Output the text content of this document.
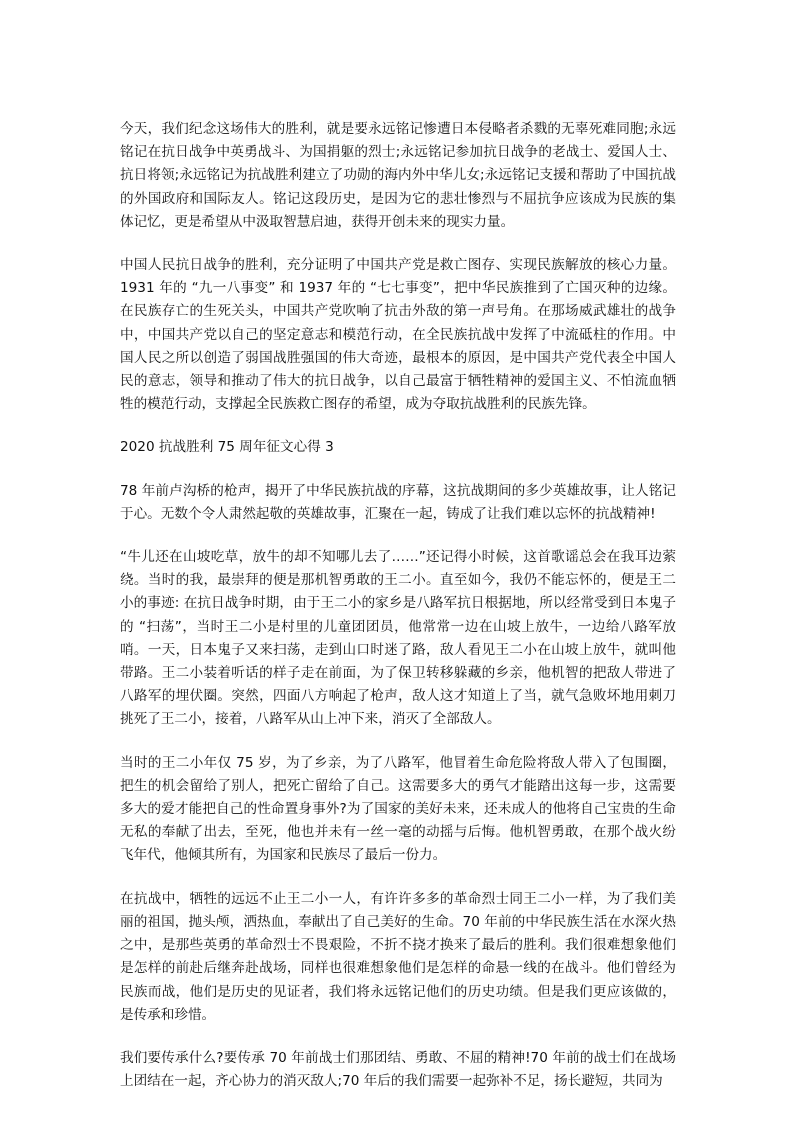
今天，我们纪念这场伟大的胜利，就是要永远铭记惨遭日本侵略者杀戮的无辜死难同胞;永远铭记在抗日战争中英勇战斗、为国捐躯的烈士;永远铭记参加抗日战争的老战士、爱国人士、抗日将领;永远铭记为抗战胜利建立了功勋的海内外中华儿女;永远铭记支援和帮助了中国抗战的外国政府和国际友人。铭记这段历史，是因为它的悲壮惨烈与不屈抗争应该成为民族的集体记忆，更是希望从中汲取智慧启迪，获得开创未来的现实力量。

中国人民抗日战争的胜利，充分证明了中国共产党是救亡图存、实现民族解放的核心力量。1931 年的 “九一八事变” 和 1937 年的 “七七事变”，把中华民族推到了亡国灭种的边缘。在民族存亡的生死关头，中国共产党吹响了抗击外敌的第一声号角。在那场威武雄壮的战争中，中国共产党以自己的坚定意志和模范行动，在全民族抗战中发挥了中流砥柱的作用。中国人民之所以创造了弱国战胜强国的伟大奇迹，最根本的原因，是中国共产党代表全中国人民的意志，领导和推动了伟大的抗日战争，以自己最富于牺牲精神的爱国主义、不怕流血牺牲的模范行动，支撑起全民族救亡图存的希望，成为夺取抗战胜利的民族先锋。

2020 抗战胜利 75 周年征文心得 3

78 年前卢沟桥的枪声，揭开了中华民族抗战的序幕，这抗战期间的多少英雄故事，让人铭记于心。无数个令人肃然起敬的英雄故事，汇聚在一起，铸成了让我们难以忘怀的抗战精神!

“牛儿还在山坡吃草，放牛的却不知哪儿去了……”还记得小时候，这首歌谣总会在我耳边萦绕。当时的我，最崇拜的便是那机智勇敢的王二小。直至如今，我仍不能忘怀的，便是王二小的事迹: 在抗日战争时期，由于王二小的家乡是八路军抗日根据地，所以经常受到日本鬼子的 “扫荡”，当时王二小是村里的儿童团团员，他常常一边在山坡上放牛，一边给八路军放哨。一天，日本鬼子又来扫荡，走到山口时迷了路，敌人看见王二小在山坡上放牛，就叫他带路。王二小装着听话的样子走在前面，为了保卫转移躲藏的乡亲，他机智的把敌人带进了八路军的埋伏圈。突然，四面八方响起了枪声，敌人这才知道上了当，就气急败坏地用刺刀挑死了王二小，接着，八路军从山上冲下来，消灭了全部敌人。

当时的王二小年仅 75 岁，为了乡亲，为了八路军，他冒着生命危险将敌人带入了包围圈，把生的机会留给了别人，把死亡留给了自己。这需要多大的勇气才能踏出这每一步，这需要多大的爱才能把自己的性命置身事外?为了国家的美好未来，还未成人的他将自己宝贵的生命无私的奉献了出去，至死，他也并未有一丝一毫的动摇与后悔。他机智勇敢，在那个战火纷飞年代，他倾其所有，为国家和民族尽了最后一份力。

在抗战中，牺牲的远远不止王二小一人，有许许多多的革命烈士同王二小一样，为了我们美丽的祖国，抛头颅，洒热血，奉献出了自己美好的生命。70 年前的中华民族生活在水深火热之中，是那些英勇的革命烈士不畏艰险，不折不挠才换来了最后的胜利。我们很难想象他们是怎样的前赴后继奔赴战场，同样也很难想象他们是怎样的命悬一线的在战斗。他们曾经为民族而战，他们是历史的见证者，我们将永远铭记他们的历史功绩。但是我们更应该做的，是传承和珍惜。

我们要传承什么?要传承 70 年前战士们那团结、勇敢、不屈的精神!70 年前的战士们在战场上团结在一起，齐心协力的消灭敌人;70 年后的我们需要一起弥补不足，扬长避短，共同为
